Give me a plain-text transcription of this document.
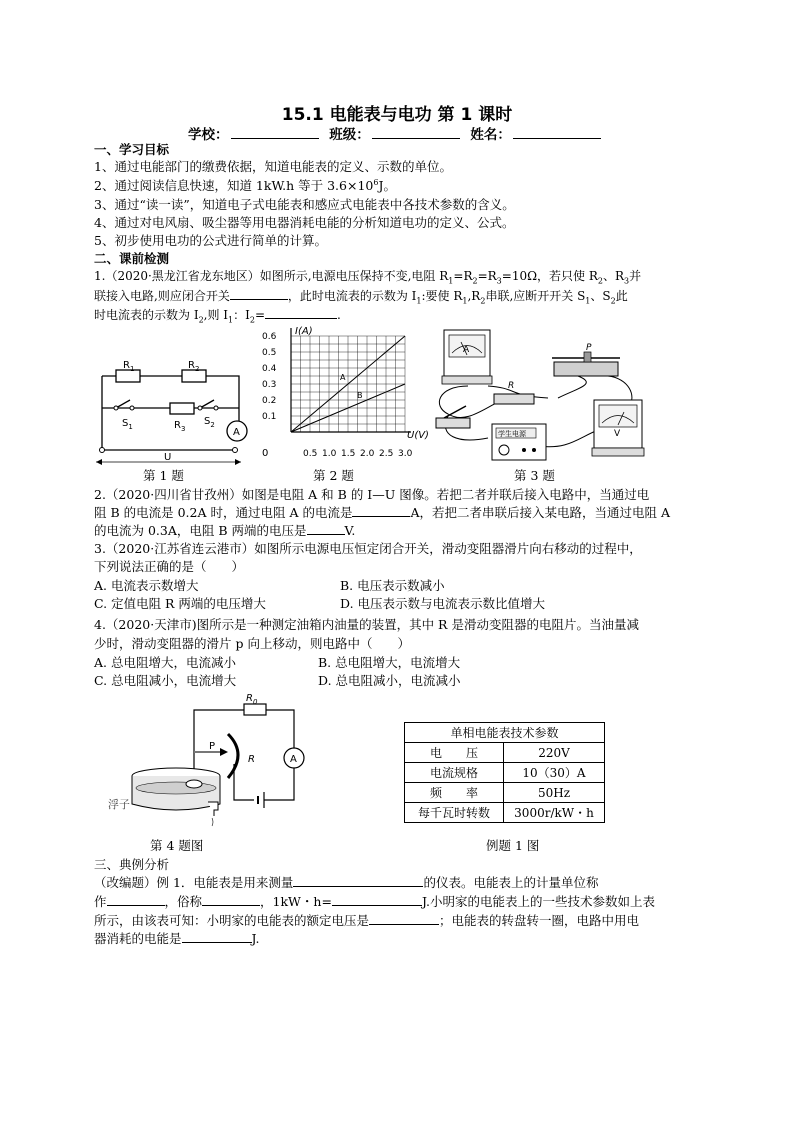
15.1 电能表与电功 第 1 课时
学校：	班级：	姓名：
一、学习目标
1、通过电能部门的缴费依据，知道电能表的定义、示数的单位。
2、通过阅读信息快速，知道 1kW.h 等于 $3.6\times 10^6J$。
3、通过“读一读”，知道电子式电能表和感应式电能表中各技术参数的含义。
4、通过对电风扇、吸尘器等用电器消耗电能的分析知道电功的定义、公式。
5、初步使用电功的公式进行简单的计算。
二、课前检测
1.（2020·黑龙江省龙东地区）如图所示,电源电压保持不变,电阻 $R_1=R_2=R_3=10\Omega$，若只使 $R_2$、$R_3$并
联接入电路,则应闭合开关	，此时电流表的示数为 $I_1$:要使 $R_1,R_2$串联,应断开开关 $S_1$、$S_2$此
时电流表的示数为 $I_2$,则 $I_1$：$I_2=$	.
$R_1$	$R_2$
$R_3$
$S_1$	$S_2$
A
U
第 1 题
A
B
I(A)
U(V)
0
0.1
0.2
0.3
0.4
0.5
0.6
0.5 1.0 1.5 2.0 2.5 3.0
第 2 题
A	P
R
V
学生电源
第 3 题
2.（2020·四川省甘孜州）如图是电阻 A 和 B 的 I—U 图像。若把二者并联后接入电路中，当通过电
阻 B 的电流是 0.2A 时，通过电阻 A 的电流是	A，若把二者串联后接入某电路，当通过电阻 A
的电流为 0.3A，电阻 B 两端的电压是	V.
3.（2020·江苏省连云港市）如图所示电源电压恒定闭合开关，滑动变阻器滑片向右移动的过程中，
下列说法正确的是（　　）
A. 电流表示数增大	B. 电压表示数减小
C. 定值电阻 R 两端的电压增大	D. 电压表示数与电流表示数比值增大
4.（2020·天津市)图所示是一种测定油箱内油量的装置，其中 R 是滑动变阻器的电阻片。当油量减
少时，滑动变阻器的滑片 p 向上移动，则电路中（　　）
A. 总电阻增大，电流减小	B. 总电阻增大，电流增大
C. 总电阻减小，电流增大	D. 总电阻减小，电流减小
$R_0$
P
R	A
浮子
第 4 题图
单相电能表技术参数	
电　　压	220V
电流规格	10（30）A
频　　率	50Hz
每千瓦时转数	3000r/kW・h
例题 1 图
三、典例分析
（改编题）例 1．电能表是用来测量	的仪表。电能表上的计量单位称
作	，俗称	，1kW・h=	J.小明家的电能表上的一些技术参数如上表
所示，由该表可知：小明家的电能表的额定电压是	；电能表的转盘转一圈，电路中用电
器消耗的电能是	J.
